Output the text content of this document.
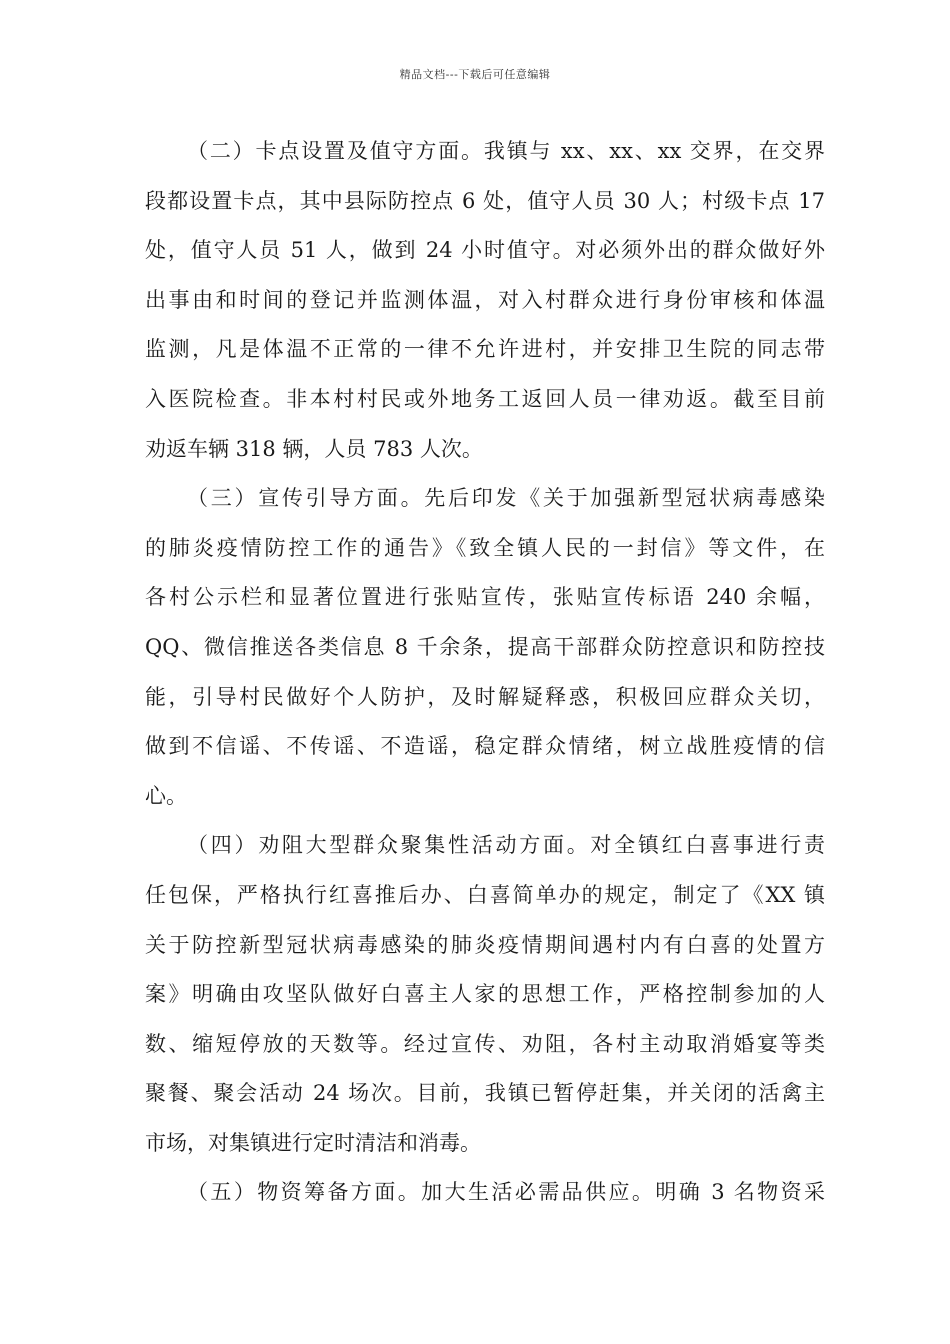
精品文档---下载后可任意编辑
（二）卡点设置及值守方面。我镇与 xx、xx、xx 交界，在交界
段都设置卡点，其中县际防控点 6 处，值守人员 30 人；村级卡点 17
处，值守人员 51 人，做到 24 小时值守。对必须外出的群众做好外
出事由和时间的登记并监测体温，对入村群众进行身份审核和体温
监测，凡是体温不正常的一律不允许进村，并安排卫生院的同志带
入医院检查。非本村村民或外地务工返回人员一律劝返。截至目前
劝返车辆 318 辆，人员 783 人次。
（三）宣传引导方面。先后印发《关于加强新型冠状病毒感染
的肺炎疫情防控工作的通告》《致全镇人民的一封信》等文件，在
各村公示栏和显著位置进行张贴宣传，张贴宣传标语 240 余幅，
QQ、微信推送各类信息 8 千余条，提高干部群众防控意识和防控技
能，引导村民做好个人防护，及时解疑释惑，积极回应群众关切，
做到不信谣、不传谣、不造谣，稳定群众情绪，树立战胜疫情的信
心。
（四）劝阻大型群众聚集性活动方面。对全镇红白喜事进行责
任包保，严格执行红喜推后办、白喜简单办的规定，制定了《XX 镇
关于防控新型冠状病毒感染的肺炎疫情期间遇村内有白喜的处置方
案》明确由攻坚队做好白喜主人家的思想工作，严格控制参加的人
数、缩短停放的天数等。经过宣传、劝阻，各村主动取消婚宴等类
聚餐、聚会活动 24 场次。目前，我镇已暂停赶集，并关闭的活禽主
市场，对集镇进行定时清洁和消毒。
（五）物资筹备方面。加大生活必需品供应。明确 3 名物资采
